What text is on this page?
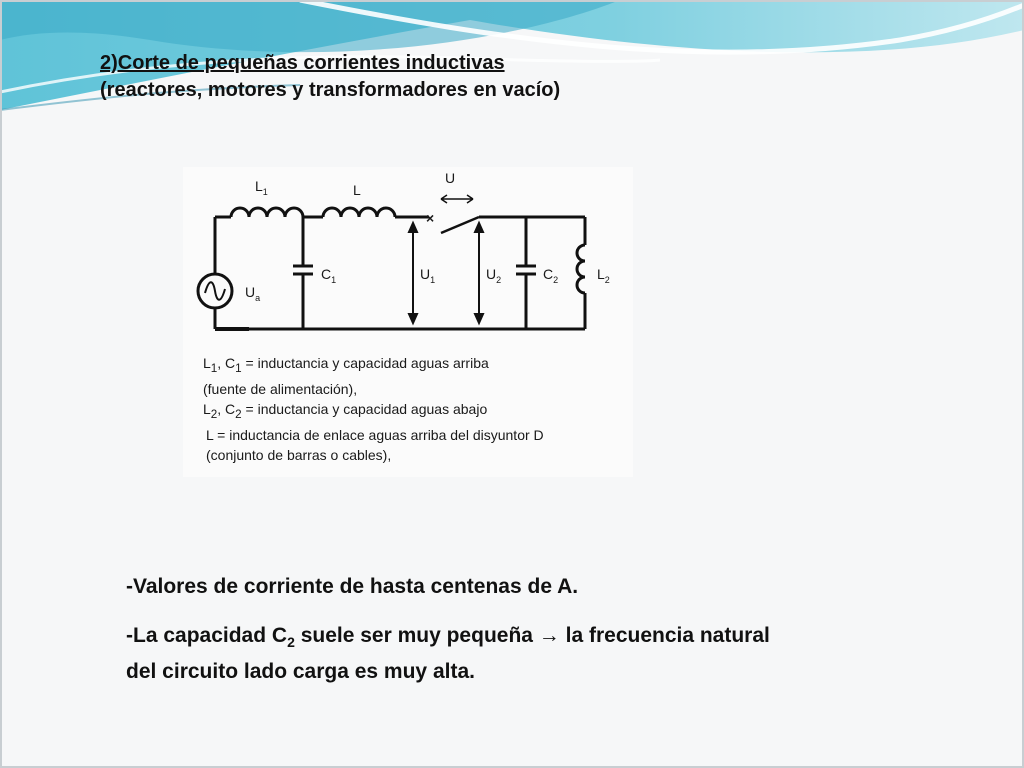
2)Corte de pequeñas corrientes inductivas
(reactores, motores y transformadores en vacío)
$U_a$
$L_1$	L
×
U
$C_1$	$U_1$	$U_2$	$C_2$	$L_2$
$L_1$, $C_1$ = inductancia y capacidad aguas arriba
(fuente de alimentación),
$L_2$, $C_2$ = inductancia y capacidad aguas abajo
L = inductancia de enlace aguas arriba del disyuntor D
(conjunto de barras o cables),

-Valores de corriente de hasta centenas de A.

-La capacidad $C_2$ suele ser muy pequeña → la frecuencia natural

del circuito lado carga es muy alta.
